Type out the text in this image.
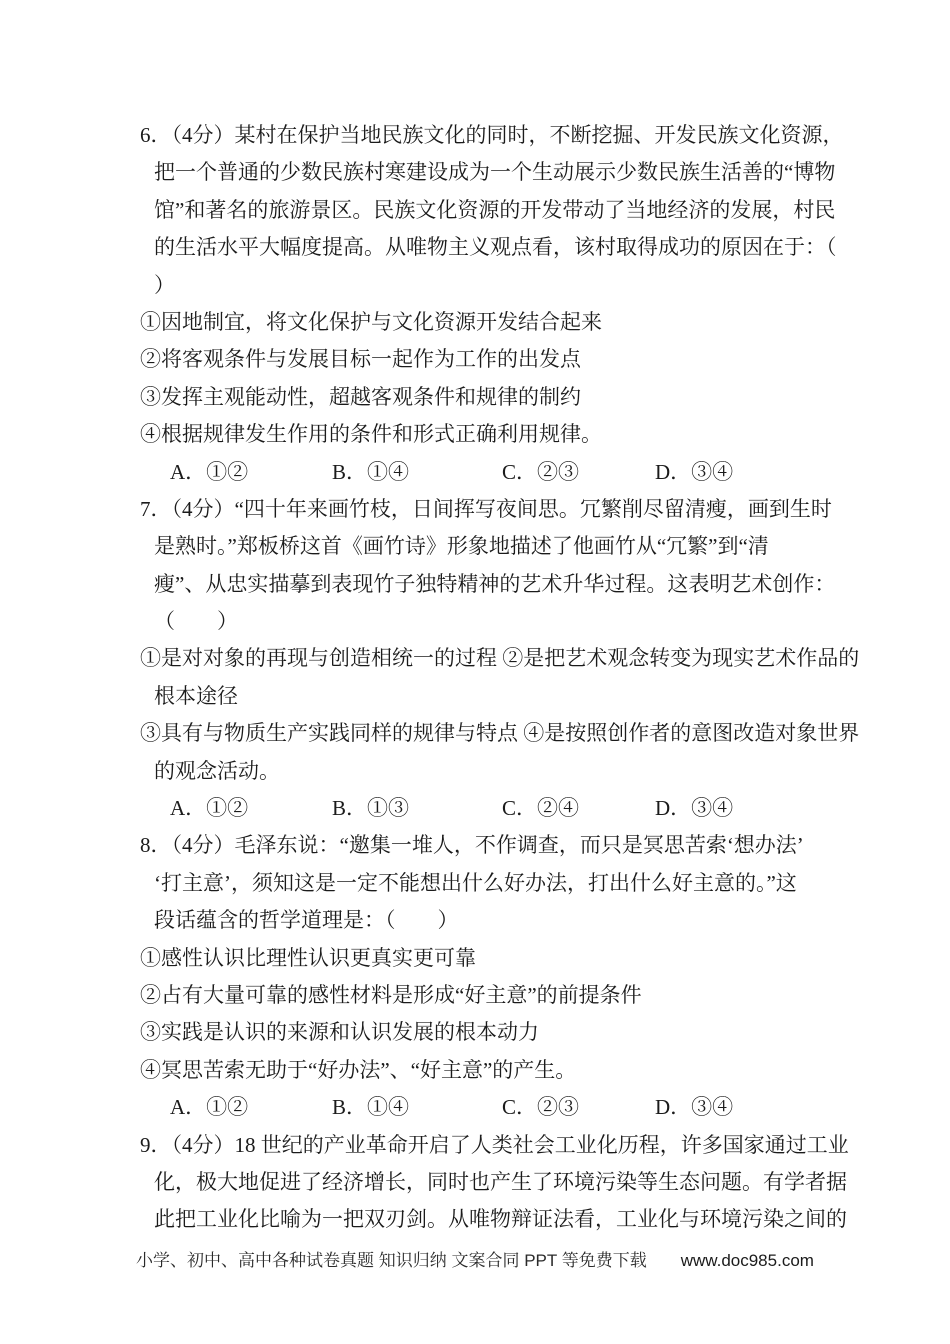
6．（4分）某村在保护当地民族文化的同时，不断挖掘、开发民族文化资源，
把一个普通的少数民族村寒建设成为一个生动展示少数民族生活善的“博物
馆”和著名的旅游景区。民族文化资源的开发带动了当地经济的发展，村民
的生活水平大幅度提高。从唯物主义观点看，该村取得成功的原因在于：（
）
①因地制宜，将文化保护与文化资源开发结合起来
②将客观条件与发展目标一起作为工作的出发点
③发挥主观能动性，超越客观条件和规律的制约
④根据规律发生作用的条件和形式正确利用规律。
A．①②	B．①④	C．②③	D．③④
7．（4分）“四十年来画竹枝，日间挥写夜间思。冗繁削尽留清瘦，画到生时
是熟时。”郑板桥这首《画竹诗》形象地描述了他画竹从“冗繁”到“清
瘦”、从忠实描摹到表现竹子独特精神的艺术升华过程。这表明艺术创作：
（　　）
①是对对象的再现与创造相统一的过程 ②是把艺术观念转变为现实艺术作品的
根本途径
③具有与物质生产实践同样的规律与特点 ④是按照创作者的意图改造对象世界
的观念活动。
A．①②	B．①③	C．②④	D．③④
8．（4分）毛泽东说：“邀集一堆人，不作调查，而只是冥思苦索‘想办法’
‘打主意’，须知这是一定不能想出什么好办法，打出什么好主意的。”这
段话蕴含的哲学道理是：（　　）
①感性认识比理性认识更真实更可靠
②占有大量可靠的感性材料是形成“好主意”的前提条件
③实践是认识的来源和认识发展的根本动力
④冥思苦索无助于“好办法”、“好主意”的产生。
A．①②	B．①④	C．②③	D．③④
9．（4分）18 世纪的产业革命开启了人类社会工业化历程，许多国家通过工业
化，极大地促进了经济增长，同时也产生了环境污染等生态问题。有学者据
此把工业化比喻为一把双刃剑。从唯物辩证法看，工业化与环境污染之间的
小学、初中、高中各种试卷真题 知识归纳 文案合同 PPT 等免费下载 www.doc985.com
